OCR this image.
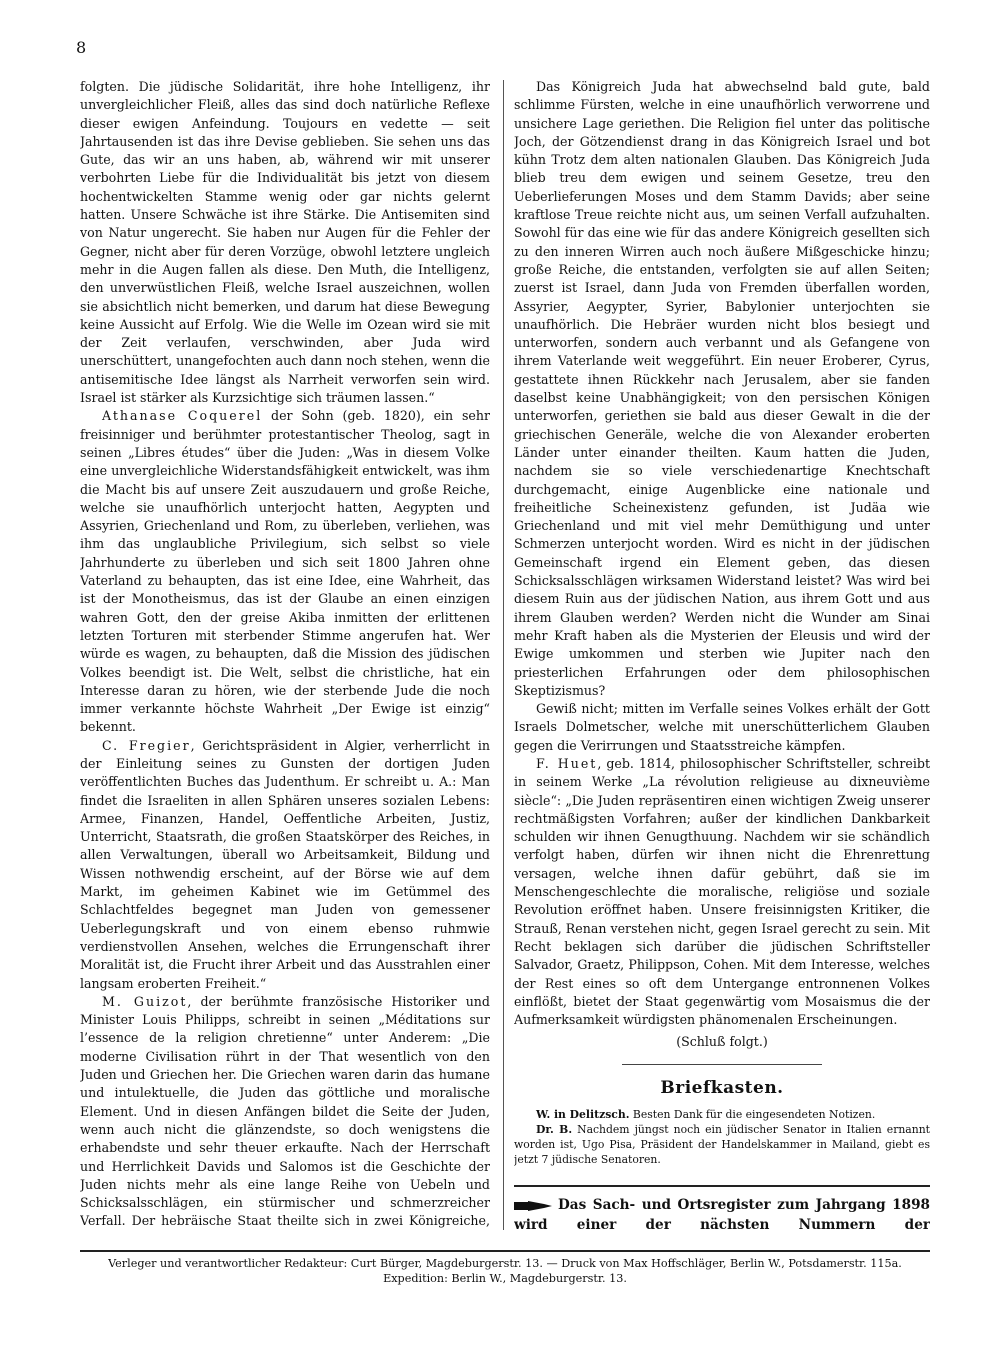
8

folgten. Die jüdische Solidarität, ihre hohe Intelligenz, ihr unvergleichlicher Fleiß, alles das sind doch natürliche Reflexe dieser ewigen Anfeindung. Toujours en vedette — seit Jahrtausenden ist das ihre Devise geblieben. Sie sehen uns das Gute, das wir an uns haben, ab, während wir mit unserer verbohrten Liebe für die Individualität bis jetzt von diesem hochentwickelten Stamme wenig oder gar nichts gelernt hatten. Unsere Schwäche ist ihre Stärke. Die Antisemiten sind von Natur ungerecht. Sie haben nur Augen für die Fehler der Gegner, nicht aber für deren Vorzüge, obwohl letztere ungleich mehr in die Augen fallen als diese. Den Muth, die Intelligenz, den unverwüstlichen Fleiß, welche Israel auszeichnen, wollen sie absichtlich nicht bemerken, und darum hat diese Bewegung keine Aussicht auf Erfolg. Wie die Welle im Ozean wird sie mit der Zeit verlaufen, verschwinden, aber Juda wird unerschüttert, unangefochten auch dann noch stehen, wenn die antisemitische Idee längst als Narrheit verworfen sein wird. Israel ist stärker als Kurzsichtige sich träumen lassen.“

Athanase Coquerel der Sohn (geb. 1820), ein sehr freisinniger und berühmter protestantischer Theolog, sagt in seinen „Libres études“ über die Juden: „Was in diesem Volke eine unvergleichliche Widerstandsfähigkeit entwickelt, was ihm die Macht bis auf unsere Zeit auszudauern und große Reiche, welche sie unaufhörlich unterjocht hatten, Aegypten und Assyrien, Griechenland und Rom, zu überleben, verliehen, was ihm das unglaubliche Privilegium, sich selbst so viele Jahrhunderte zu überleben und sich seit 1800 Jahren ohne Vaterland zu behaupten, das ist eine Idee, eine Wahrheit, das ist der Monotheismus, das ist der Glaube an einen einzigen wahren Gott, den der greise Akiba inmitten der erlittenen letzten Torturen mit sterbender Stimme angerufen hat. Wer würde es wagen, zu behaupten, daß die Mission des jüdischen Volkes beendigt ist. Die Welt, selbst die christliche, hat ein Interesse daran zu hören, wie der sterbende Jude die noch immer verkannte höchste Wahrheit „Der Ewige ist einzig“ bekennt.

C. Fregier, Gerichtspräsident in Algier, verherrlicht in der Einleitung seines zu Gunsten der dortigen Juden veröffentlichten Buches das Judenthum. Er schreibt u. A.: Man findet die Israeliten in allen Sphären unseres sozialen Lebens: Armee, Finanzen, Handel, Oeffentliche Arbeiten, Justiz, Unterricht, Staatsrath, die großen Staatskörper des Reiches, in allen Verwaltungen, überall wo Arbeitsamkeit, Bildung und Wissen nothwendig erscheint, auf der Börse wie auf dem Markt, im geheimen Kabinet wie im Getümmel des Schlachtfeldes begegnet man Juden von gemessener Ueberlegungskraft und von einem ebenso ruhmwie verdienstvollen Ansehen, welches die Errungenschaft ihrer Moralität ist, die Frucht ihrer Arbeit und das Ausstrahlen einer langsam erobertеn Freiheit.“

M. Guizot, der berühmte französische Historiker und Minister Louis Philipps, schreibt in seinen „Méditations sur l’essence de la religion chretienne“ unter Anderem: „Die moderne Civilisation rührt in der That wesentlich von den Juden und Griechen her. Die Griechen waren darin das humane und intulektuelle, die Juden das göttliche und moralische Element. Und in diesen Anfängen bildet die Seite der Juden, wenn auch nicht die glänzendste, so doch wenigstens die erhabendste und sehr theuer erkaufte. Nach der Herrschaft und Herrlichkeit Davids und Salomos ist die Geschichte der Juden nichts mehr als eine lange Reihe von Uebeln und Schicksalsschlägen, ein stürmischer und schmerzreicher Verfall. Der hebräische Staat theilte sich in zwei Königreiche,

Das Königreich Juda hat abwechselnd bald gute, bald schlimme Fürsten, welche in eine unaufhörlich verworrene und unsichere Lage geriethen. Die Religion fiel unter das politische Joch, der Götzendienst drang in das Königreich Israel und bot kühn Trotz dem alten nationalen Glauben. Das Königreich Juda blieb treu dem ewigen und seinem Gesetze, treu den Ueberlieferungen Moses und dem Stamm Davids; aber seine kraftlose Treue reichte nicht aus, um seinen Verfall aufzuhalten. Sowohl für das eine wie für das andere Königreich gesellten sich zu den inneren Wirren auch noch äußere Mißgeschicke hinzu; große Reiche, die entstanden, verfolgten sie auf allen Seiten; zuerst ist Israel, dann Juda von Fremden überfallen worden, Assyrier, Aegypter, Syrier, Babylonier unterjochten sie unaufhörlich. Die Hebräer wurden nicht blos besiegt und unterworfen, sondern auch verbannt und als Gefangene von ihrem Vaterlande weit weggeführt. Ein neuer Eroberer, Cyrus, gestattete ihnen Rückkehr nach Jerusalem, aber sie fanden daselbst keine Unabhängigkeit; von den persischen Königen unterworfen, geriethen sie bald aus dieser Gewalt in die der griechischen Generäle, welche die von Alexander eroberten Länder unter einander theilten. Kaum hatten die Juden, nachdem sie so viele verschiedenartige Knechtschaft durchgemacht, einige Augenblicke eine nationale und freiheitliche Scheinexistenz gefunden, ist Judäa wie Griechenland und mit viel mehr Demüthigung und unter Schmerzen unterjocht worden. Wird es nicht in der jüdischen Gemeinschaft irgend ein Element geben, das diesen Schicksalsschlägen wirksamen Widerstand leistet? Was wird bei diesem Ruin aus der jüdischen Nation, aus ihrem Gott und aus ihrem Glauben werden? Werden nicht die Wunder am Sinai mehr Kraft haben als die Mysterien der Eleusis und wird der Ewige umkommen und sterben wie Jupiter nach den priesterlichen Erfahrungen oder dem philosophischen Skeptizismus?

Gewiß nicht; mitten im Verfalle seines Volkes erhält der Gott Israels Dolmetscher, welche mit unerschütterlichem Glauben gegen die Verirrungen und Staatsstreiche kämpfen.

F. Huet, geb. 1814, philosophischer Schriftsteller, schreibt in seinem Werke „La révolution religieuse au dixneuvième siècle“: „Die Juden repräsentiren einen wichtigen Zweig unserer rechtmäßigsten Vorfahren; außer der kindlichen Dankbarkeit schulden wir ihnen Genugthuung. Nachdem wir sie schändlich verfolgt haben, dürfen wir ihnen nicht die Ehrenrettung versagen, welche ihnen dafür gebührt, daß sie im Menschengeschlechte die moralische, religiöse und soziale Revolution eröffnet haben. Unsere freisinnigsten Kritiker, die Strauß, Renan verstehen nicht, gegen Israel gerecht zu sein. Mit Recht beklagen sich darüber die jüdischen Schriftsteller Salvador, Graetz, Philippson, Cohen. Mit dem Interesse, welches der Rest eines so oft dem Untergange entronnenen Volkes einflößt, bietet der Staat gegenwärtig vom Mosaismus die der Aufmerksamkeit würdigsten phänomenalen Erscheinungen.

(Schluß folgt.)

Briefkasten.

W. in Delitzsch. Besten Dank für die eingesendeten Notizen.

Dr. B. Nachdem jüngst noch ein jüdischer Senator in Italien ernannt worden ist, Ugo Pisa, Präsident der Handelskammer in Mailand, giebt es jetzt 7 jüdische Senatoren.

Das Sach- und Ortsregister zum Jahrgang 1898 wird einer der nächsten Nummern der
Verleger und verantwortlicher Redakteur: Curt Bürger, Magdeburgerstr. 13. — Druck von Max Hoffschläger, Berlin W., Potsdamerstr. 115a.
Expedition: Berlin W., Magdeburgerstr. 13.
